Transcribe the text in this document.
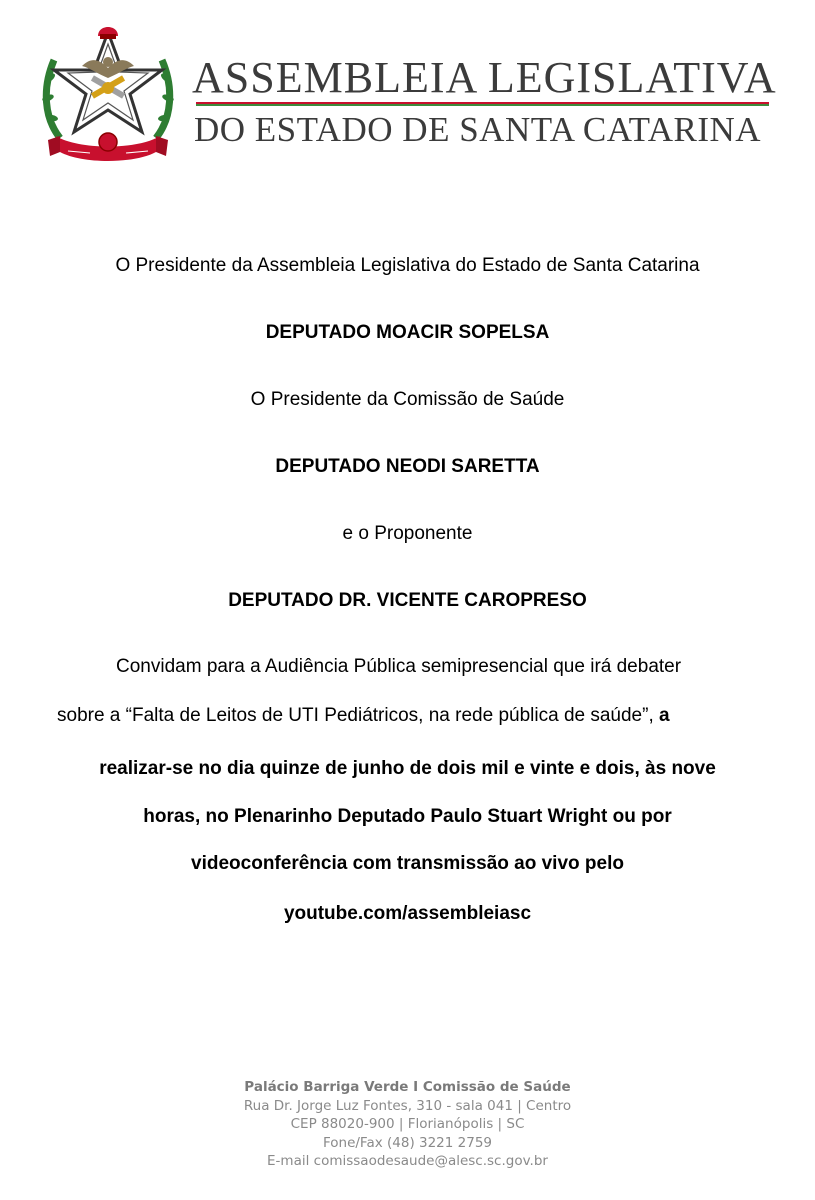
ASSEMBLEIA LEGISLATIVA
DO ESTADO DE SANTA CATARINA
O Presidente da Assembleia Legislativa do Estado de Santa Catarina
DEPUTADO MOACIR SOPELSA
O Presidente da Comissão de Saúde
DEPUTADO NEODI SARETTA
e o Proponente
DEPUTADO DR. VICENTE CAROPRESO
Convidam para a Audiência Pública semipresencial que irá debater
sobre a “Falta de Leitos de UTI Pediátricos, na rede pública de saúde”, a
realizar-se no dia quinze de junho de dois mil e vinte e dois, às nove
horas, no Plenarinho Deputado Paulo Stuart Wright ou por
videoconferência com transmissão ao vivo pelo
youtube.com/assembleiasc
Palácio Barriga Verde I Comissão de Saúde
Rua Dr. Jorge Luz Fontes, 310 - sala 041 | Centro
CEP 88020-900 | Florianópolis | SC
Fone/Fax (48) 3221 2759
E-mail comissaodesaude@alesc.sc.gov.br
